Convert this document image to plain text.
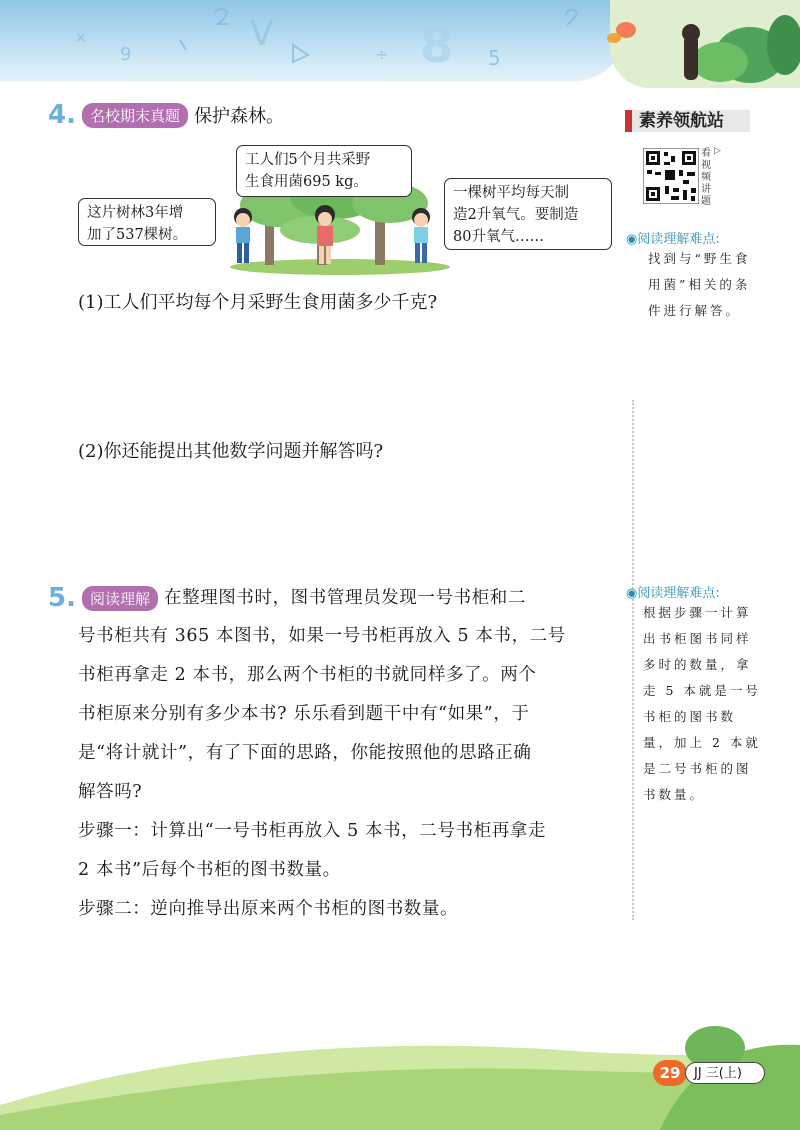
9
×	V
÷ 8 5
素养领航站
看视频讲题
▷
◉阅读理解难点:
找到与“野生食
用菌”相关的条
件进行解答。
◉阅读理解难点:
根据步骤一计算
出书柜图书同样
多时的数量，拿
走 5 本就是一号
书柜的图书数
量，加上 2 本就
是二号书柜的图
书数量。
4. 名校期末真题 保护森林。
这片树林3年增
加了537棵树。
工人们5个月共采野
生食用菌695 kg。
一棵树平均每天制
造2升氧气。要制造
80升氧气……
(1)工人们平均每个月采野生食用菌多少千克?
(2)你还能提出其他数学问题并解答吗?
5. 阅读理解 在整理图书时，图书管理员发现一号书柜和二
号书柜共有 365 本图书，如果一号书柜再放入 5 本书，二号
书柜再拿走 2 本书，那么两个书柜的书就同样多了。两个
书柜原来分别有多少本书? 乐乐看到题干中有“如果”，于
是“将计就计”，有了下面的思路，你能按照他的思路正确
解答吗?
步骤一：计算出“一号书柜再放入 5 本书，二号书柜再拿走
2 本书”后每个书柜的图书数量。
步骤二：逆向推导出原来两个书柜的图书数量。
29	JJ 三(上)
